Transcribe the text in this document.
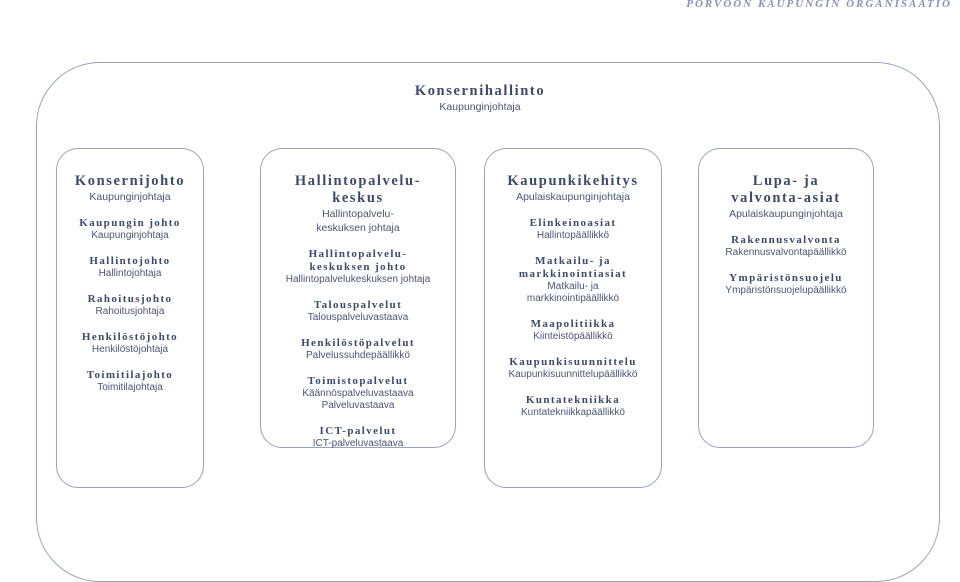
PORVOON KAUPUNGIN ORGANISAATIO
Konsernihallinto
Kaupunginjohtaja
Konsernijohto
Kaupunginjohtaja
Kaupungin johto
Kaupunginjohtaja
Hallintojohto
Hallintojohtaja
Rahoitusjohto
Rahoitusjohtaja
Henkilöstöjohto
Henkilöstöjohtaja
Toimitilajohto
Toimitilajohtaja
Hallintopalvelu-
keskus
Hallintopalvelu-
keskuksen johtaja
Hallintopalvelu-
keskuksen johto
Hallintopalvelukeskuksen johtaja
Talouspalvelut
Talouspalveluvastaava
Henkilöstöpalvelut
Palvelussuhdepäällikkö
Toimistopalvelut
Käännöspalveluvastaava
Palveluvastaava
ICT-palvelut
ICT-palveluvastaava
Kaupunkikehitys
Apulaiskaupunginjohtaja
Elinkeinoasiat
Hallintopäällikkö
Matkailu- ja
markkinointiasiat
Matkailu- ja
markkinointipäällikkö
Maapolitiikka
Kiinteistöpäällikkö
Kaupunkisuunnittelu
Kaupunkisuunnittelupäällikkö
Kuntatekniikka
Kuntatekniikkapäällikkö
Lupa- ja
valvonta-asiat
Apulaiskaupunginjohtaja
Rakennusvalvonta
Rakennusvalvontapäällikkö
Ympäristönsuojelu
Ympäristönsuojelupäällikkö
